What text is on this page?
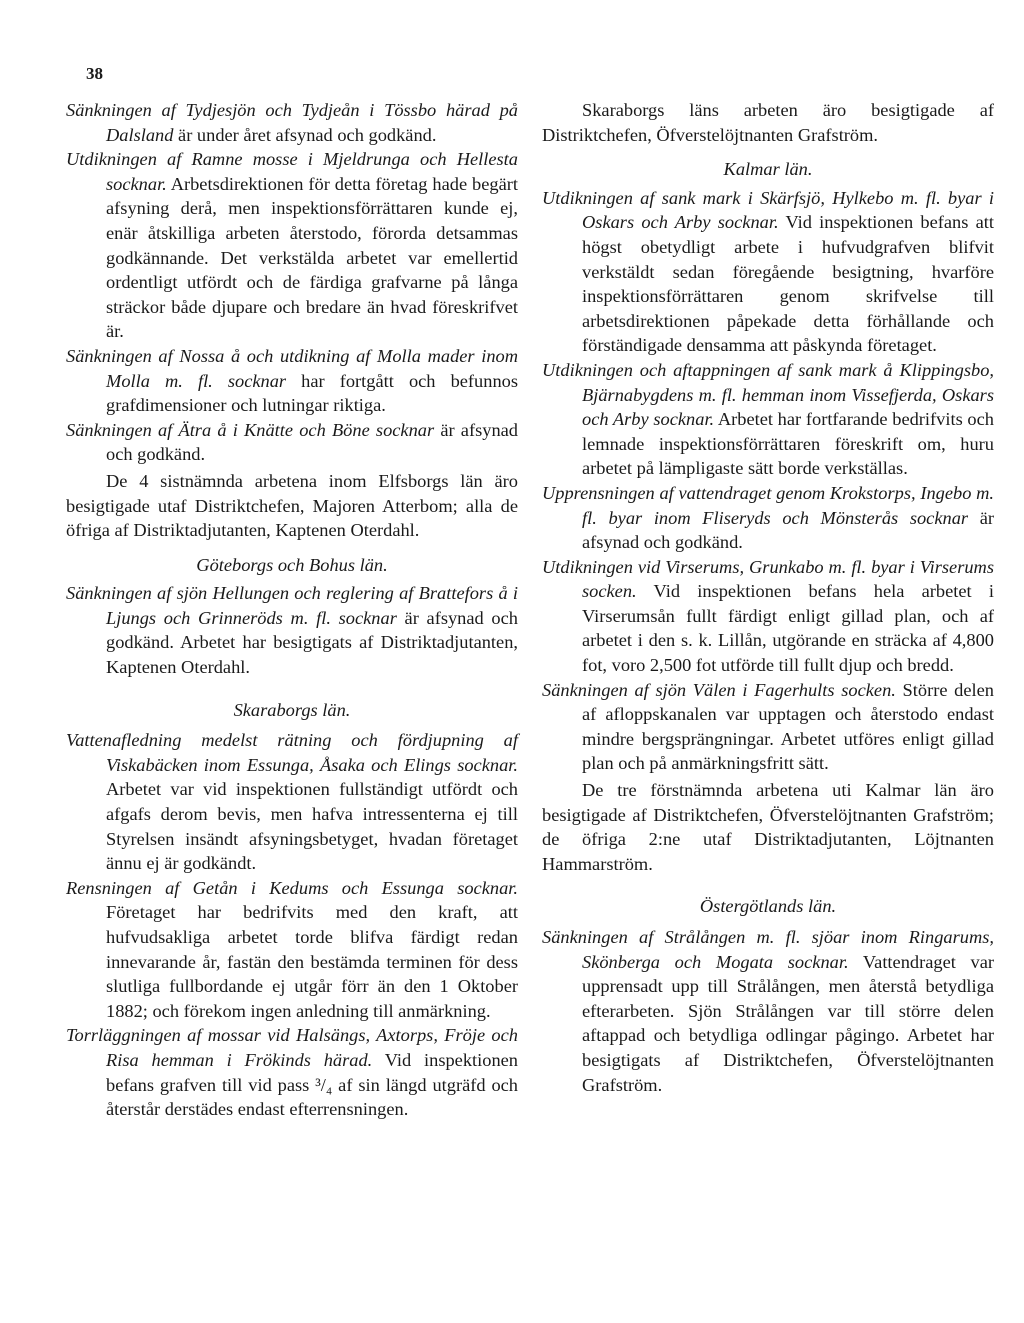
38

Sänkningen af Tydjesjön och Tydjeån i Tössbo härad på Dalsland är under året afsynad och godkänd.

Utdikningen af Ramne mosse i Mjeldrunga och Hellesta socknar. Arbetsdirektionen för detta företag hade begärt afsyning derå, men inspektionsförrättaren kunde ej, enär åtskilliga arbeten återstodo, förorda detsammas godkännande. Det verkstälda arbetet var emellertid ordentligt utfördt och de färdiga grafvarne på långa sträckor både djupare och bredare än hvad föreskrifvet är.

Sänkningen af Nossa å och utdikning af Molla mader inom Molla m. fl. socknar har fortgått och befunnos grafdimensioner och lutningar riktiga.

Sänkningen af Ätra å i Knätte och Böne socknar är afsynad och godkänd.

De 4 sistnämnda arbetena inom Elfsborgs län äro besigtigade utaf Distriktchefen, Majoren Atterbom; alla de öfriga af Distriktadjutanten, Kaptenen Oterdahl.

Göteborgs och Bohus län.

Sänkningen af sjön Hellungen och reglering af Brattefors å i Ljungs och Grinneröds m. fl. socknar är afsynad och godkänd. Arbetet har besigtigats af Distriktadjutanten, Kaptenen Oterdahl.

Skaraborgs län.

Vattenafledning medelst rätning och fördjupning af Viskabäcken inom Essunga, Åsaka och Elings socknar. Arbetet var vid inspektionen fullständigt utfördt och afgafs derom bevis, men hafva intressenterna ej till Styrelsen insändt afsyningsbetyget, hvadan företaget ännu ej är godkändt.

Rensningen af Getån i Kedums och Essunga socknar. Företaget har bedrifvits med den kraft, att hufvudsakliga arbetet torde blifva färdigt redan innevarande år, fastän den bestämda terminen för dess slutliga fullbordande ej utgår förr än den 1 Oktober 1882; och förekom ingen anledning till anmärkning.

Torrläggningen af mossar vid Halsängs, Axtorps, Fröje och Risa hemman i Frökinds härad. Vid inspektionen befans grafven till vid pass ³/₄ af sin längd utgräfd och återstår derstädes endast efterrensningen.

Skaraborgs läns arbeten äro besigtigade af Distriktchefen, Öfverstelöjtnanten Grafström.

Kalmar län.

Utdikningen af sank mark i Skärfsjö, Hylkebo m. fl. byar i Oskars och Arby socknar. Vid inspektionen befans att högst obetydligt arbete i hufvudgrafven blifvit verkstäldt sedan föregående besigtning, hvarföre inspektionsförrättaren genom skrifvelse till arbetsdirektionen påpekade detta förhållande och förständigade densamma att påskynda företaget.

Utdikningen och aftappningen af sank mark å Klippingsbo, Bjärnabygdens m. fl. hemman inom Vissefjerda, Oskars och Arby socknar. Arbetet har fortfarande bedrifvits och lemnade inspektionsförrättaren föreskrift om, huru arbetet på lämpligaste sätt borde verkställas.

Upprensningen af vattendraget genom Krokstorps, Ingebo m. fl. byar inom Fliseryds och Mönsterås socknar är afsynad och godkänd.

Utdikningen vid Virserums, Grunkabo m. fl. byar i Virserums socken. Vid inspektionen befans hela arbetet i Virserumsån fullt färdigt enligt gillad plan, och af arbetet i den s. k. Lillån, utgörande en sträcka af 4,800 fot, voro 2,500 fot utförde till fullt djup och bredd.

Sänkningen af sjön Välen i Fagerhults socken. Större delen af afloppskanalen var upptagen och återstodo endast mindre bergsprängningar. Arbetet utföres enligt gillad plan och på anmärkningsfritt sätt.

De tre förstnämnda arbetena uti Kalmar län äro besigtigade af Distriktchefen, Öfverstelöjtnanten Grafström; de öfriga 2:ne utaf Distriktadjutanten, Löjtnanten Hammarström.

Östergötlands län.

Sänkningen af Strålången m. fl. sjöar inom Ringarums, Skönberga och Mogata socknar. Vattendraget var upprensadt upp till Strålången, men återstå betydliga efterarbeten. Sjön Strålången var till större delen aftappad och betydliga odlingar pågingo. Arbetet har besigtigats af Distriktchefen, Öfverstelöjtnanten Grafström.
